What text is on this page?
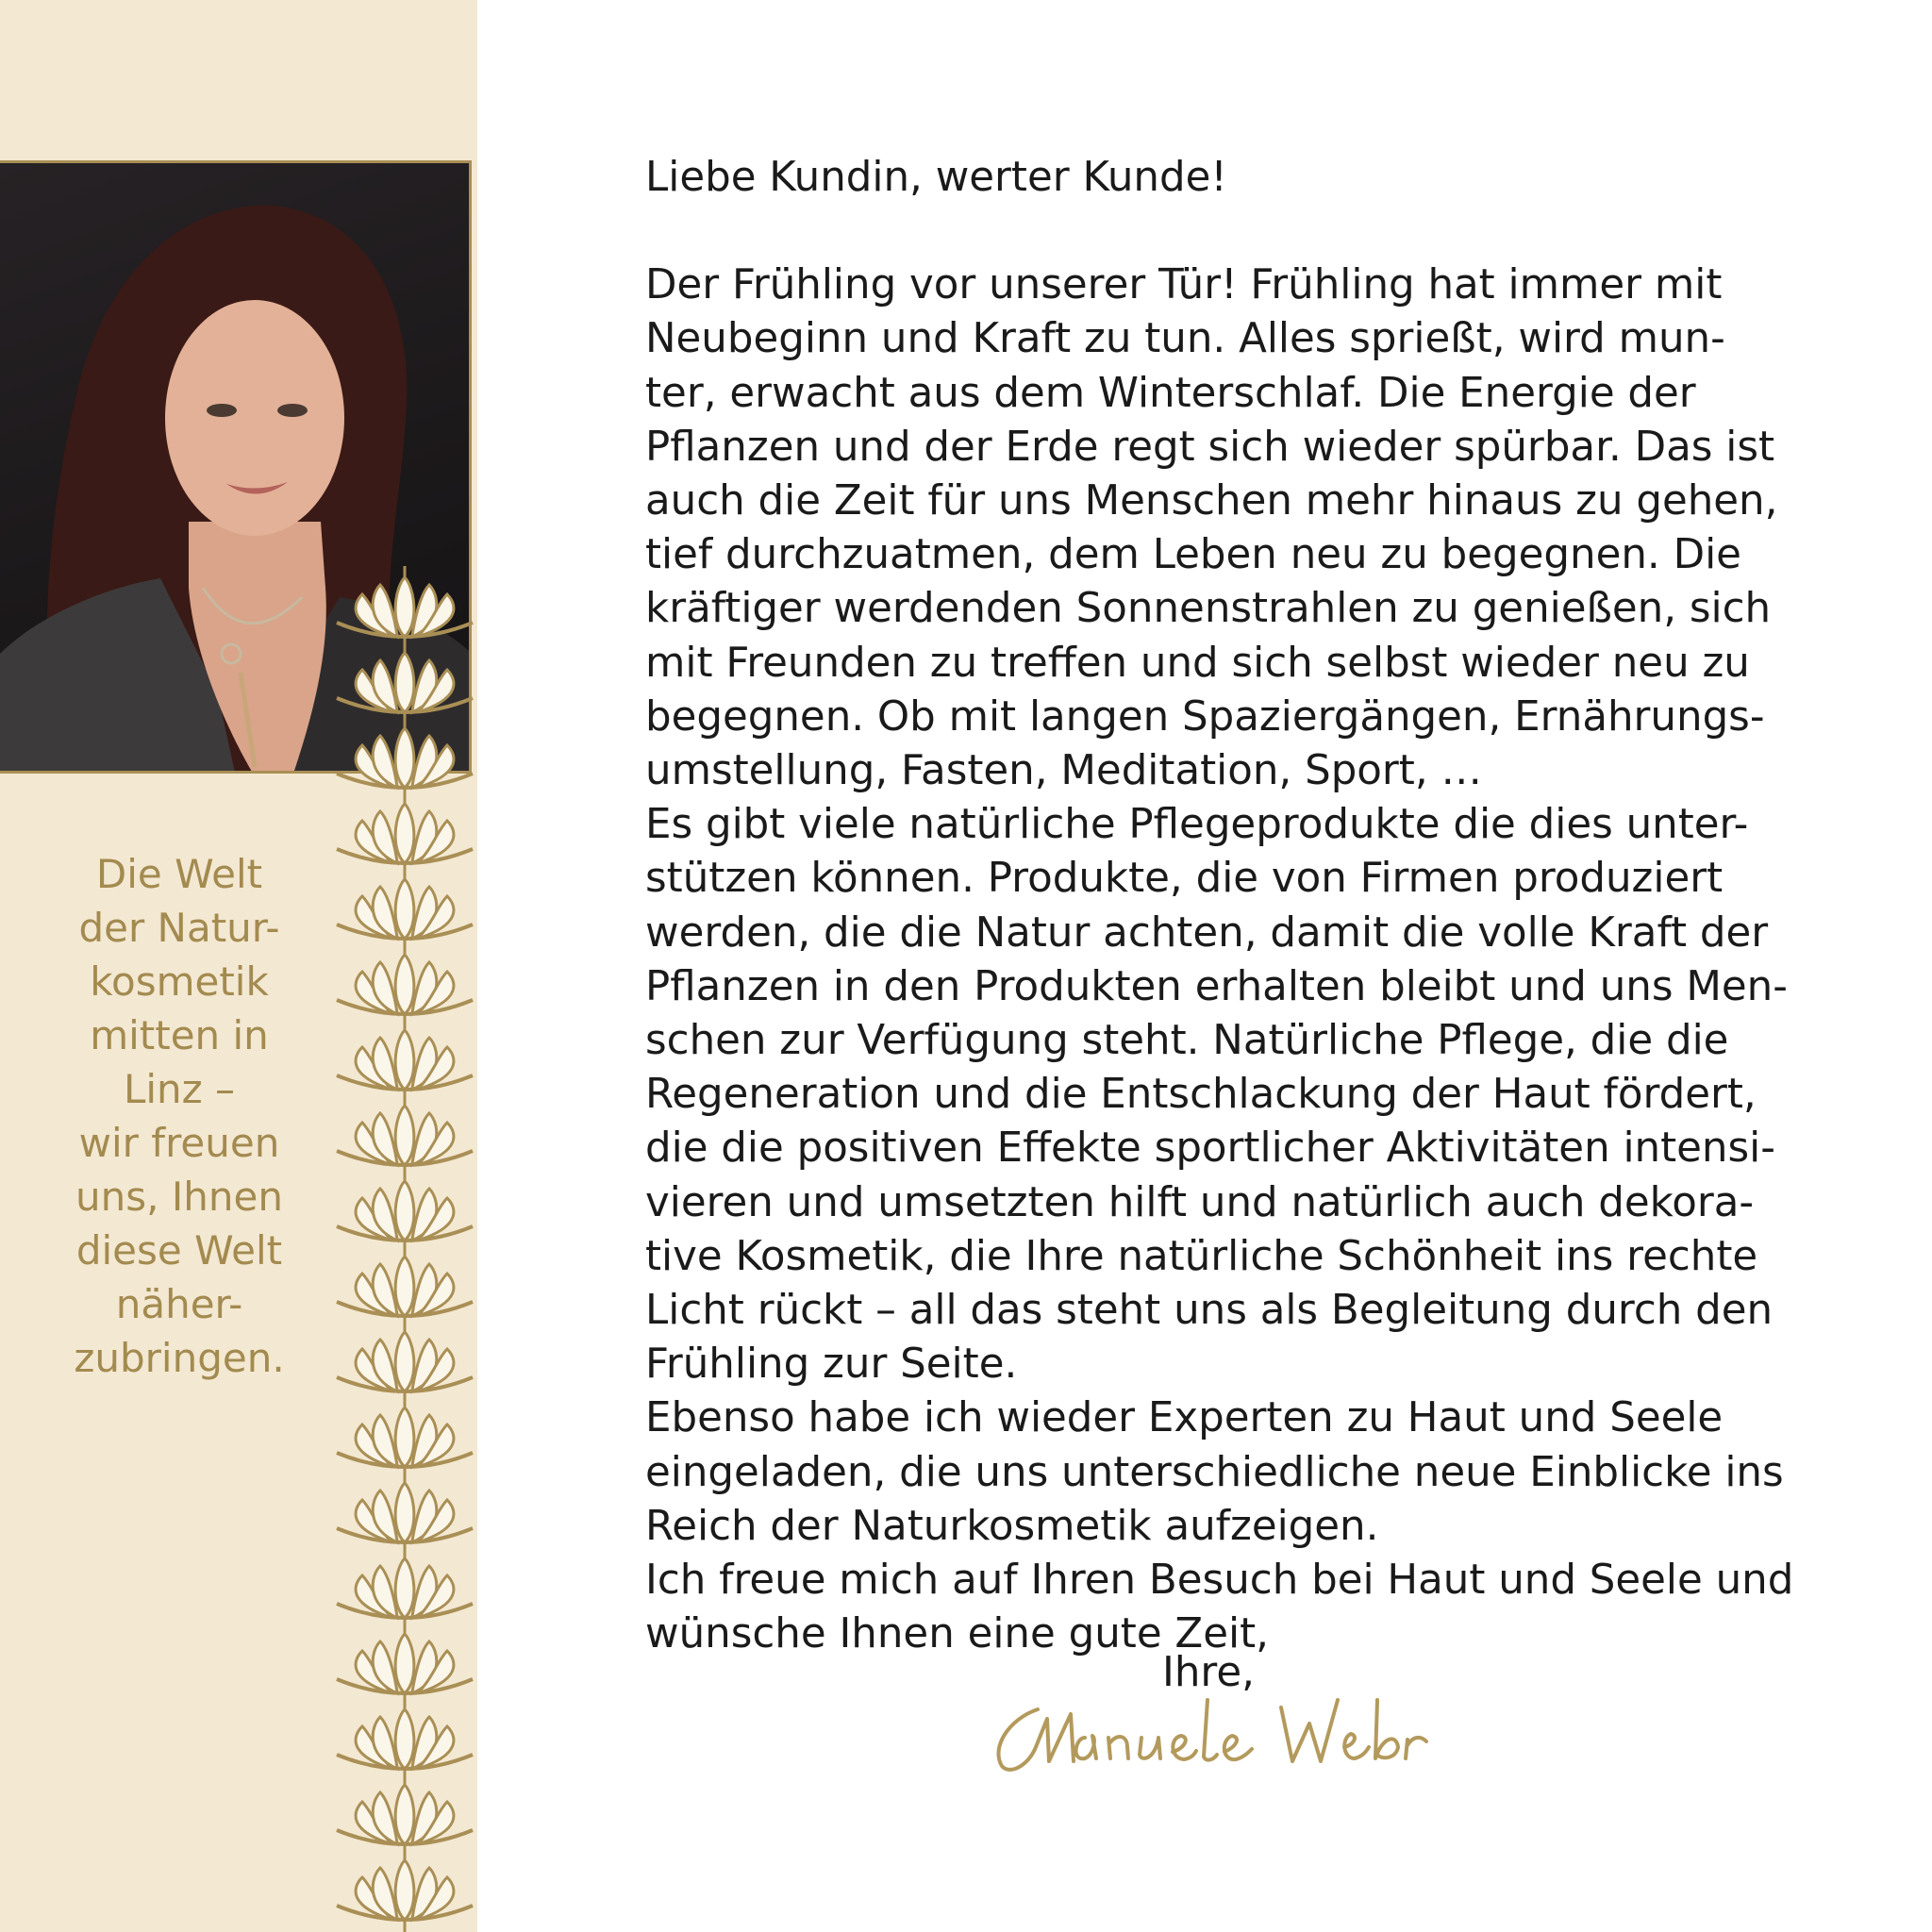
Die Welt
der Natur-
kosmetik
mitten in
Linz –
wir freuen
uns, Ihnen
diese Welt
näher-
zubringen.
Liebe Kundin, werter Kunde!
Der Frühling vor unserer Tür! Frühling hat immer mit
Neubeginn und Kraft zu tun. Alles sprießt, wird mun-
ter, erwacht aus dem Winterschlaf. Die Energie der
Pflanzen und der Erde regt sich wieder spürbar. Das ist
auch die Zeit für uns Menschen mehr hinaus zu gehen,
tief durchzuatmen, dem Leben neu zu begegnen. Die
kräftiger werdenden Sonnenstrahlen zu genießen, sich
mit Freunden zu treffen und sich selbst wieder neu zu
begegnen. Ob mit langen Spaziergängen, Ernährungs-
umstellung, Fasten, Meditation, Sport, …
Es gibt viele natürliche Pflegeprodukte die dies unter-
stützen können. Produkte, die von Firmen produziert
werden, die die Natur achten, damit die volle Kraft der
Pflanzen in den Produkten erhalten bleibt und uns Men-
schen zur Verfügung steht. Natürliche Pflege, die die
Regeneration und die Entschlackung der Haut fördert,
die die positiven Effekte sportlicher Aktivitäten intensi-
vieren und umsetzten hilft und natürlich auch dekora-
tive Kosmetik, die Ihre natürliche Schönheit ins rechte
Licht rückt – all das steht uns als Begleitung durch den
Frühling zur Seite.
Ebenso habe ich wieder Experten zu Haut und Seele
eingeladen, die uns unterschiedliche neue Einblicke ins
Reich der Naturkosmetik aufzeigen.
Ich freue mich auf Ihren Besuch bei Haut und Seele und
wünsche Ihnen eine gute Zeit,
Ihre,
